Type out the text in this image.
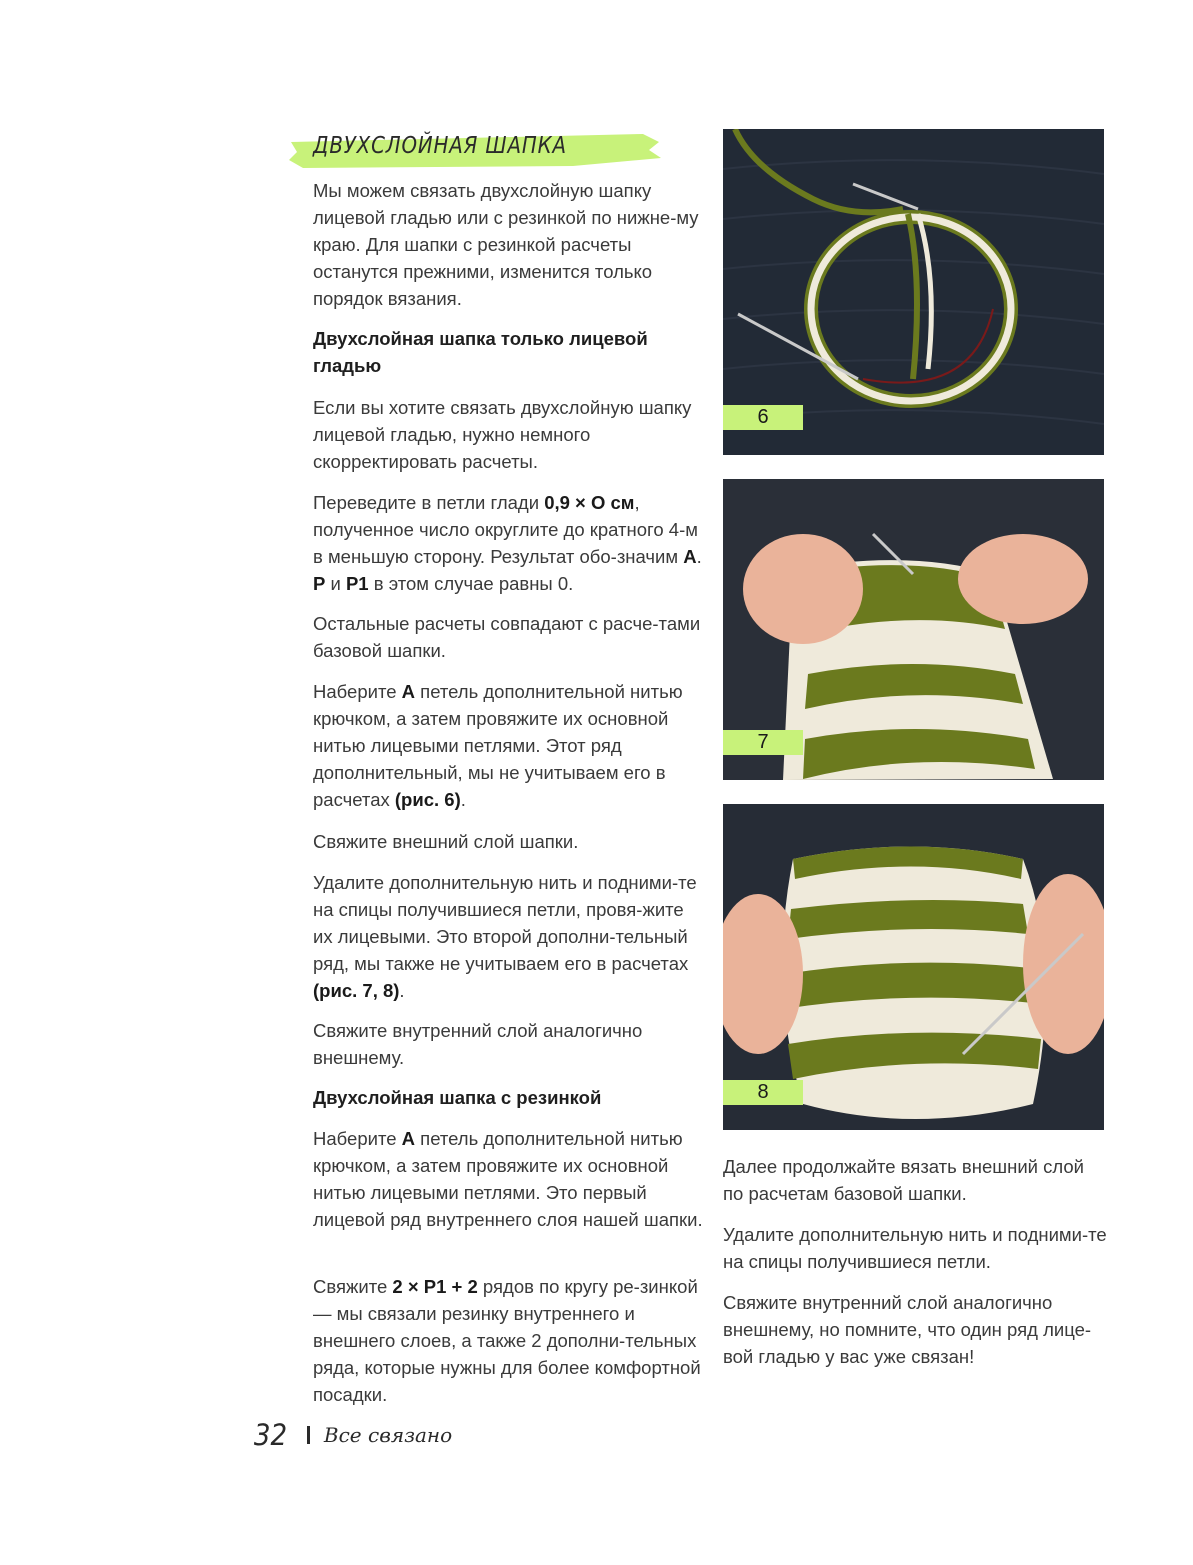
ДВУХСЛОЙНАЯ ШАПКА

Мы можем связать двухслойную шапку лицевой гладью или с резинкой по нижне-му краю. Для шапки с резинкой расчеты останутся прежними, изменится только порядок вязания.

Двухслойная шапка только лицевой гладью

Если вы хотите связать двухслойную шапку лицевой гладью, нужно немного скорректировать расчеты.

Переведите в петли глади 0,9 × О см, полученное число округлите до кратного 4-м в меньшую сторону. Результат обо-значим А. Р и Р1 в этом случае равны 0.

Остальные расчеты совпадают с расче-тами базовой шапки.

Наберите А петель дополнительной нитью крючком, а затем провяжите их основной нитью лицевыми петлями. Этот ряд дополнительный, мы не учитываем его в расчетах (рис. 6).

Свяжите внешний слой шапки.

Удалите дополнительную нить и подними-те на спицы получившиеся петли, провя-жите их лицевыми. Это второй дополни-тельный ряд, мы также не учитываем его в расчетах (рис. 7, 8).

Свяжите внутренний слой аналогично внешнему.

Двухслойная шапка с резинкой

Наберите А петель дополнительной нитью крючком, а затем провяжите их основной нитью лицевыми петлями. Это первый лицевой ряд внутреннего слоя нашей шапки.

Свяжите 2 × Р1 + 2 рядов по кругу ре-зинкой — мы связали резинку внутреннего и внешнего слоев, а также 2 дополни-тельных ряда, которые нужны для более комфортной посадки.

6
7
8

Далее продолжайте вязать внешний слой по расчетам базовой шапки.

Удалите дополнительную нить и подними-те на спицы получившиеся петли.

Свяжите внутренний слой аналогично внешнему, но помните, что один ряд лице-вой гладью у вас уже связан!

32 Все связано
